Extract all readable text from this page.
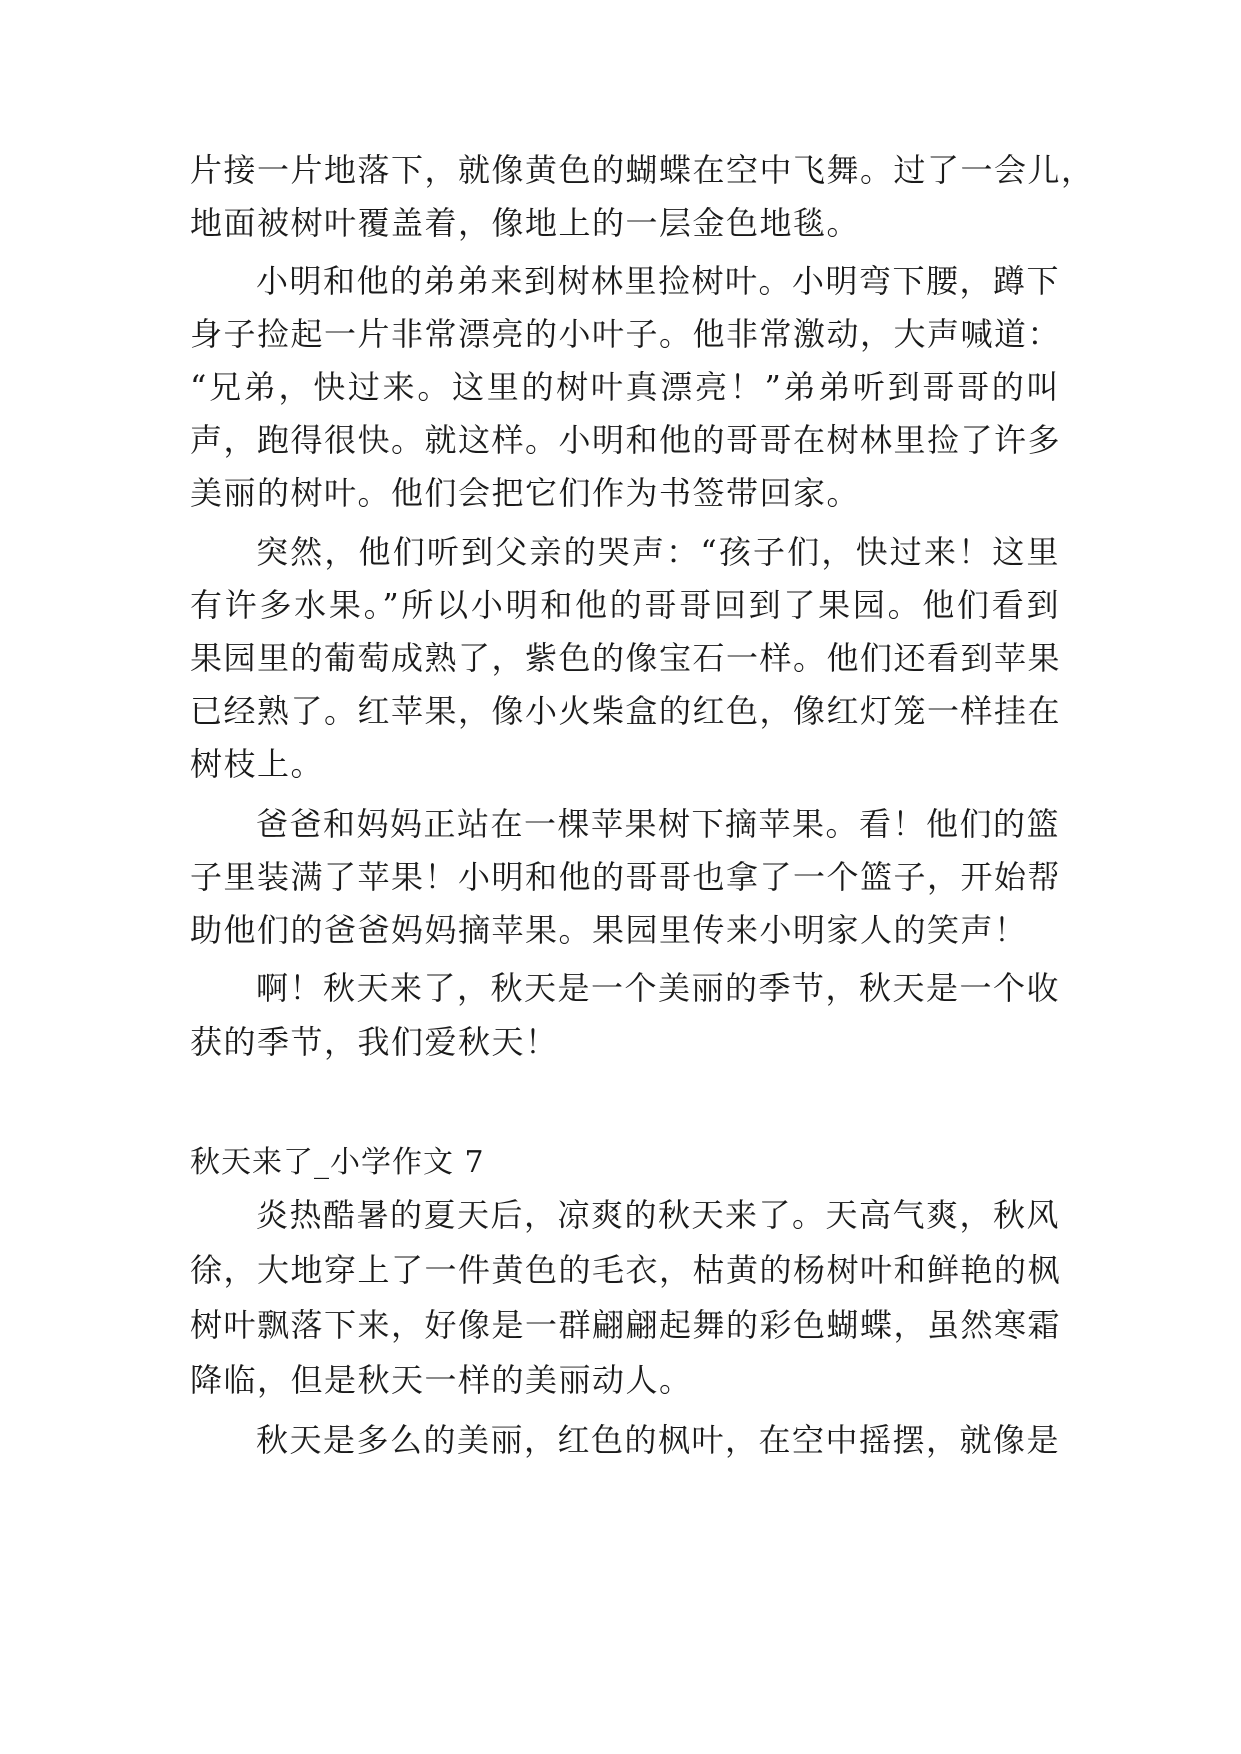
片接一片地落下，就像黄色的蝴蝶在空中飞舞。过了一会儿，
地面被树叶覆盖着，像地上的一层金色地毯。
小明和他的弟弟来到树林里捡树叶。小明弯下腰，蹲下
身子捡起一片非常漂亮的小叶子。他非常激动，大声喊道：
“兄弟，快过来。这里的树叶真漂亮！”弟弟听到哥哥的叫
声，跑得很快。就这样。小明和他的哥哥在树林里捡了许多
美丽的树叶。他们会把它们作为书签带回家。
突然，他们听到父亲的哭声：“孩子们，快过来！这里
有许多水果。”所以小明和他的哥哥回到了果园。他们看到
果园里的葡萄成熟了，紫色的像宝石一样。他们还看到苹果
已经熟了。红苹果，像小火柴盒的红色，像红灯笼一样挂在
树枝上。
爸爸和妈妈正站在一棵苹果树下摘苹果。看！他们的篮
子里装满了苹果！小明和他的哥哥也拿了一个篮子，开始帮
助他们的爸爸妈妈摘苹果。果园里传来小明家人的笑声！
啊！秋天来了，秋天是一个美丽的季节，秋天是一个收
获的季节，我们爱秋天！
秋天来了_小学作文 7
炎热酷暑的夏天后，凉爽的秋天来了。天高气爽，秋风
徐，大地穿上了一件黄色的毛衣，枯黄的杨树叶和鲜艳的枫
树叶飘落下来，好像是一群翩翩起舞的彩色蝴蝶，虽然寒霜
降临，但是秋天一样的美丽动人。
秋天是多么的美丽，红色的枫叶，在空中摇摆，就像是
